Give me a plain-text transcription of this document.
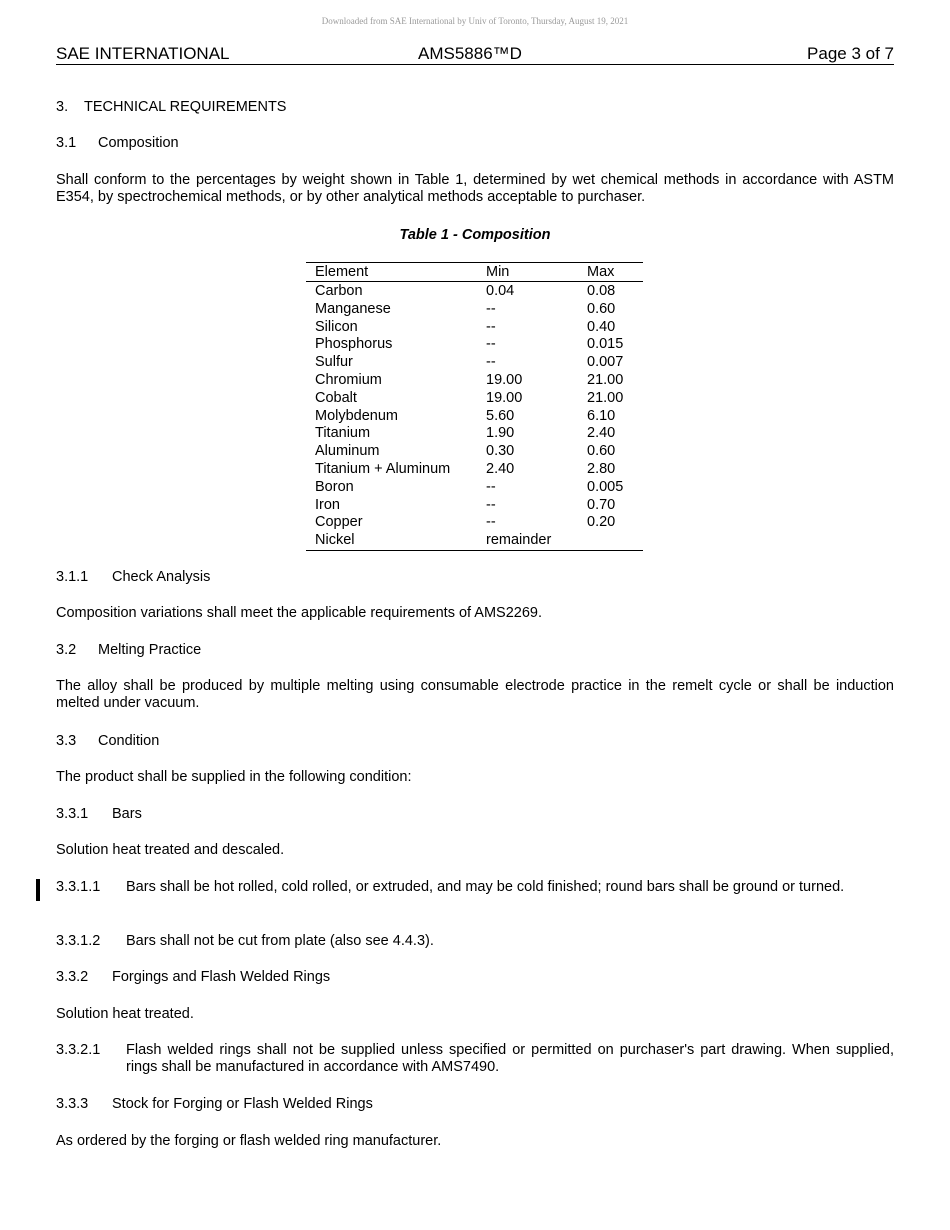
Downloaded from SAE International by Univ of Toronto, Thursday, August 19, 2021
SAE INTERNATIONAL	AMS5886™D	Page 3 of 7
3. TECHNICAL REQUIREMENTS
3.1 Composition
Shall conform to the percentages by weight shown in Table 1, determined by wet chemical methods in accordance with ASTM E354, by spectrochemical methods, or by other analytical methods acceptable to purchaser.
Table 1 - Composition
Element	Min	Max
Carbon	0.04	0.08
Manganese	--	0.60
Silicon	--	0.40
Phosphorus	--	0.015
Sulfur	--	0.007
Chromium	19.00	21.00
Cobalt	19.00	21.00
Molybdenum	5.60	6.10
Titanium	1.90	2.40
Aluminum	0.30	0.60
Titanium + Aluminum 2.40	2.80
Boron	--	0.005
Iron	--	0.70
Copper	--	0.20
Nickel	remainder
3.1.1 Check Analysis
Composition variations shall meet the applicable requirements of AMS2269.
3.2 Melting Practice
The alloy shall be produced by multiple melting using consumable electrode practice in the remelt cycle or shall be induction melted under vacuum.
3.3 Condition
The product shall be supplied in the following condition:
3.3.1 Bars
Solution heat treated and descaled.
3.3.1.1 Bars shall be hot rolled, cold rolled, or extruded, and may be cold finished; round bars shall be ground or turned.
3.3.1.2 Bars shall not be cut from plate (also see 4.4.3).
3.3.2 Forgings and Flash Welded Rings
Solution heat treated.
3.3.2.1 Flash welded rings shall not be supplied unless specified or permitted on purchaser's part drawing. When supplied, rings shall be manufactured in accordance with AMS7490.
3.3.3 Stock for Forging or Flash Welded Rings
As ordered by the forging or flash welded ring manufacturer.
